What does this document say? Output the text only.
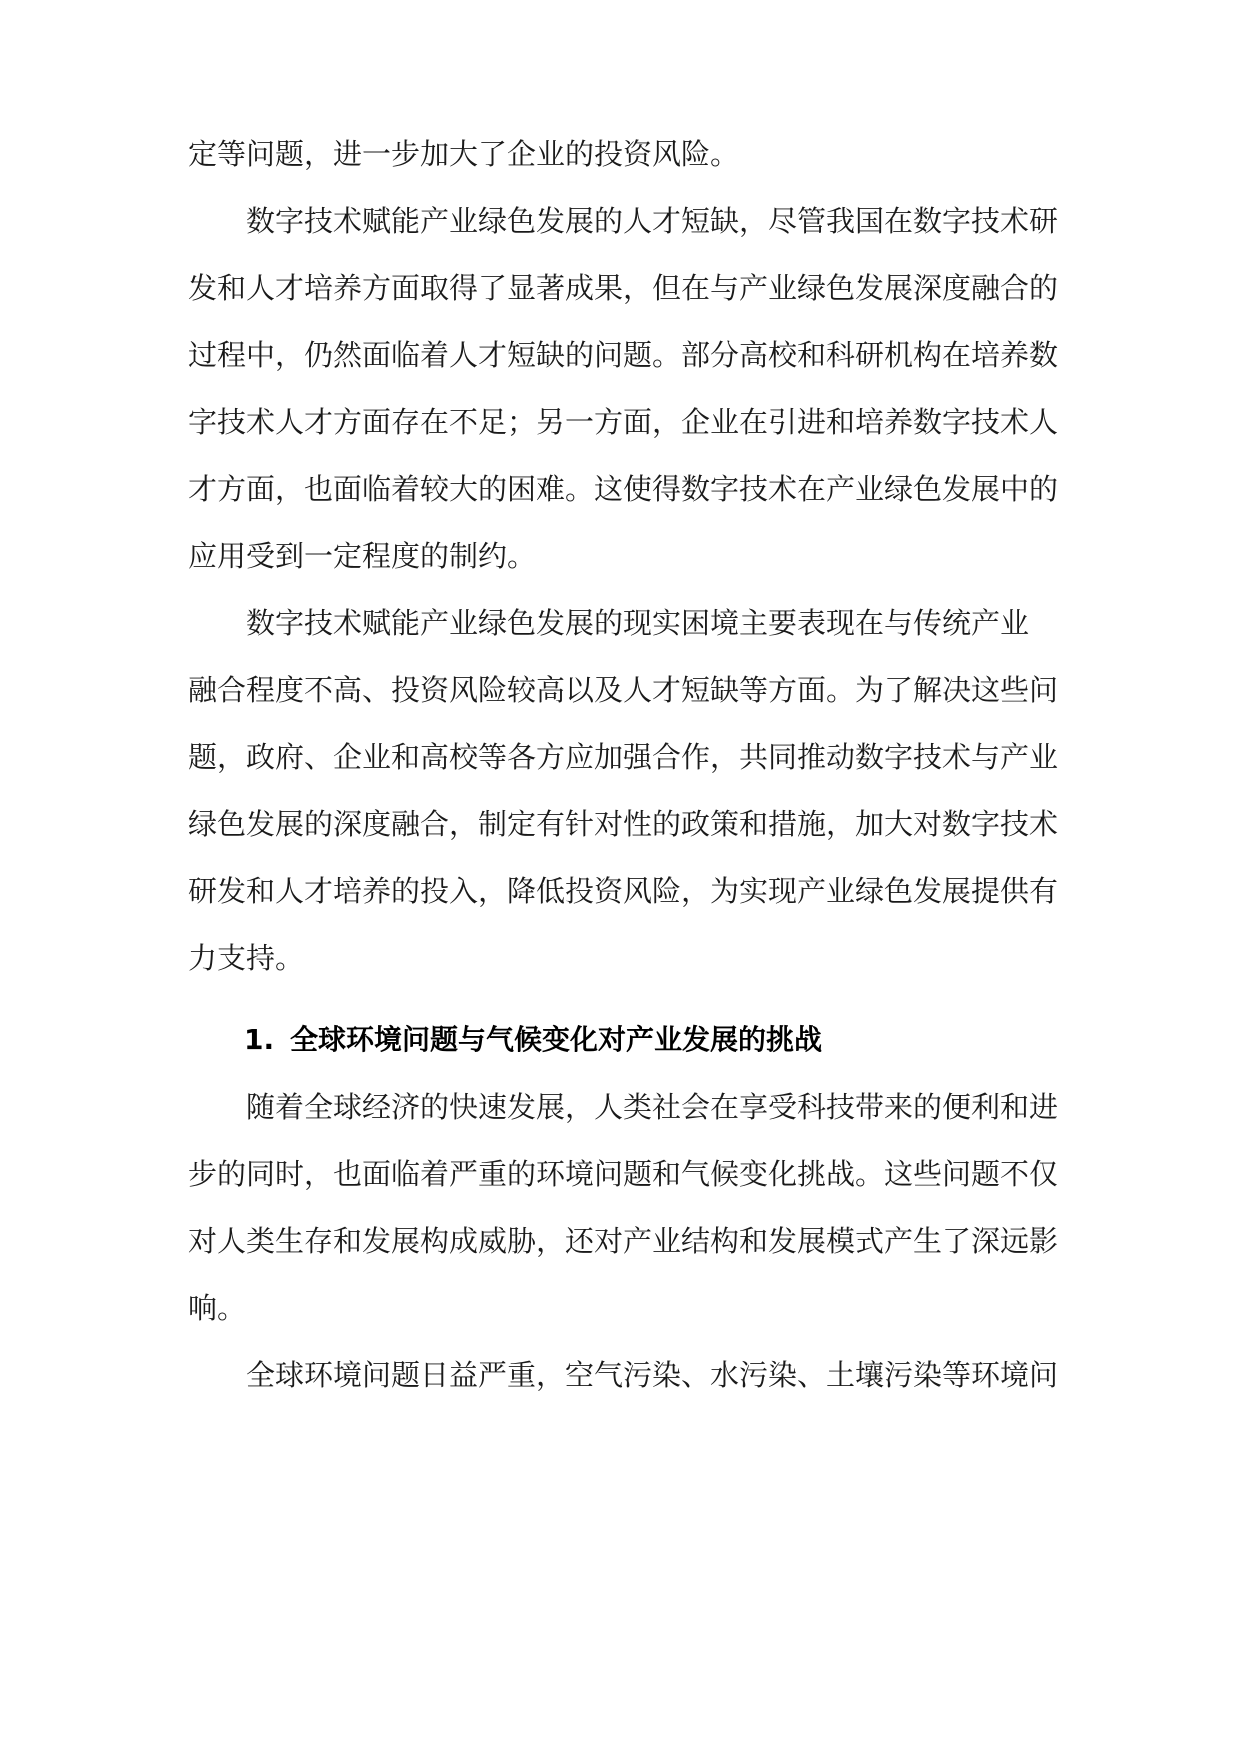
定等问题，进一步加大了企业的投资风险。
数字技术赋能产业绿色发展的人才短缺，尽管我国在数字技术研
发和人才培养方面取得了显著成果，但在与产业绿色发展深度融合的
过程中，仍然面临着人才短缺的问题。部分高校和科研机构在培养数
字技术人才方面存在不足；另一方面，企业在引进和培养数字技术人
才方面，也面临着较大的困难。这使得数字技术在产业绿色发展中的
应用受到一定程度的制约。
数字技术赋能产业绿色发展的现实困境主要表现在与传统产业
融合程度不高、投资风险较高以及人才短缺等方面。为了解决这些问
题，政府、企业和高校等各方应加强合作，共同推动数字技术与产业
绿色发展的深度融合，制定有针对性的政策和措施，加大对数字技术
研发和人才培养的投入，降低投资风险，为实现产业绿色发展提供有
力支持。
1. 全球环境问题与气候变化对产业发展的挑战
随着全球经济的快速发展，人类社会在享受科技带来的便利和进
步的同时，也面临着严重的环境问题和气候变化挑战。这些问题不仅
对人类生存和发展构成威胁，还对产业结构和发展模式产生了深远影
响。
全球环境问题日益严重，空气污染、水污染、土壤污染等环境问
